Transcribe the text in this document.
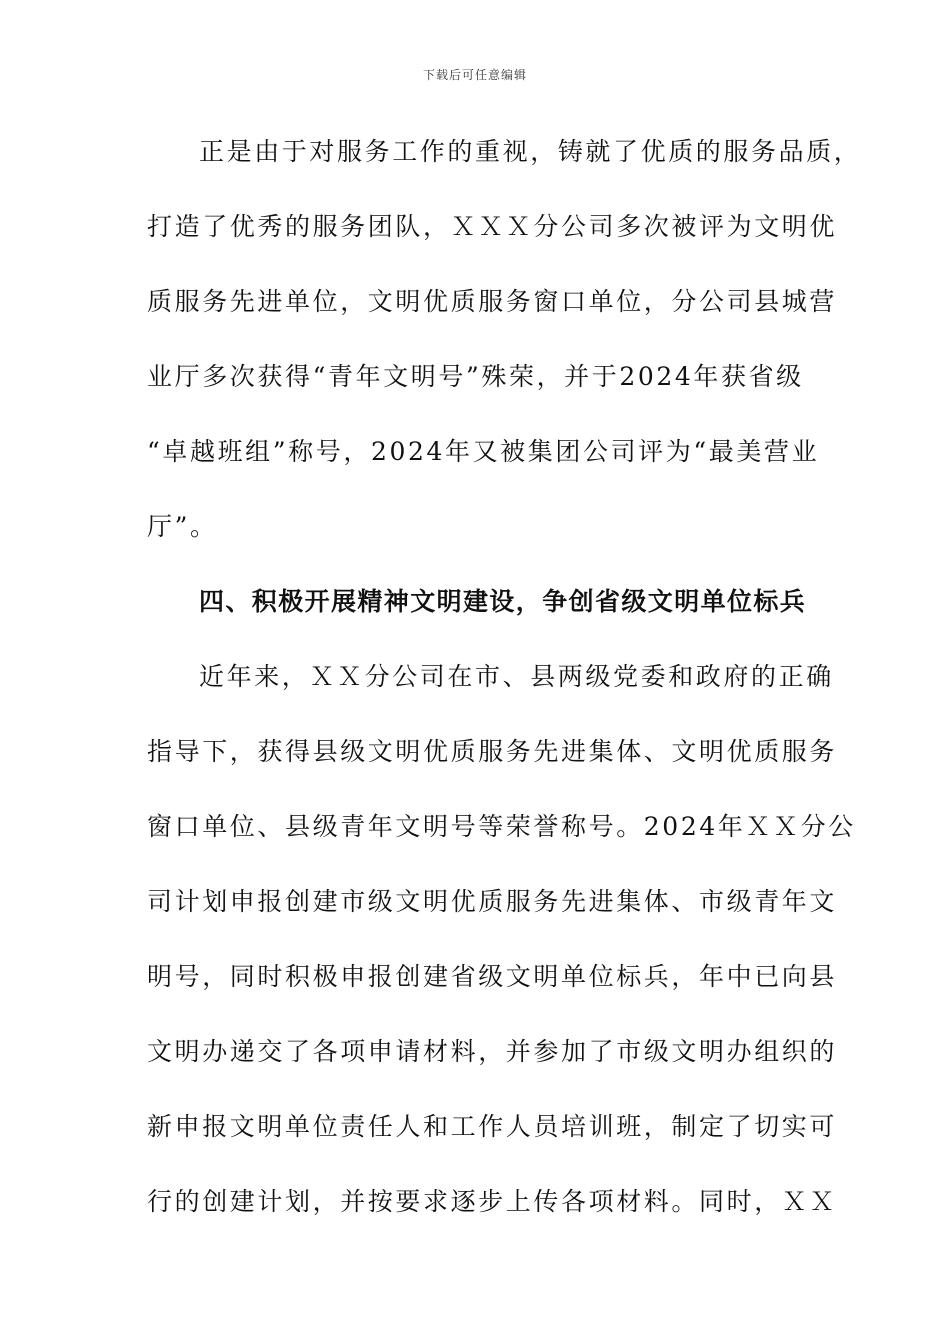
下载后可任意编辑
正是由于对服务工作的重视，铸就了优质的服务品质，
打造了优秀的服务团队，ＸＸＸ分公司多次被评为文明优
质服务先进单位，文明优质服务窗口单位，分公司县城营
业厅多次获得“青年文明号”殊荣，并于2024年获省级
“卓越班组”称号，2024年又被集团公司评为“最美营业
厅”。
四、积极开展精神文明建设，争创省级文明单位标兵
近年来，ＸＸ分公司在市、县两级党委和政府的正确
指导下，获得县级文明优质服务先进集体、文明优质服务
窗口单位、县级青年文明号等荣誉称号。2024年ＸＸ分公
司计划申报创建市级文明优质服务先进集体、市级青年文
明号，同时积极申报创建省级文明单位标兵，年中已向县
文明办递交了各项申请材料，并参加了市级文明办组织的
新申报文明单位责任人和工作人员培训班，制定了切实可
行的创建计划，并按要求逐步上传各项材料。同时，ＸＸ
